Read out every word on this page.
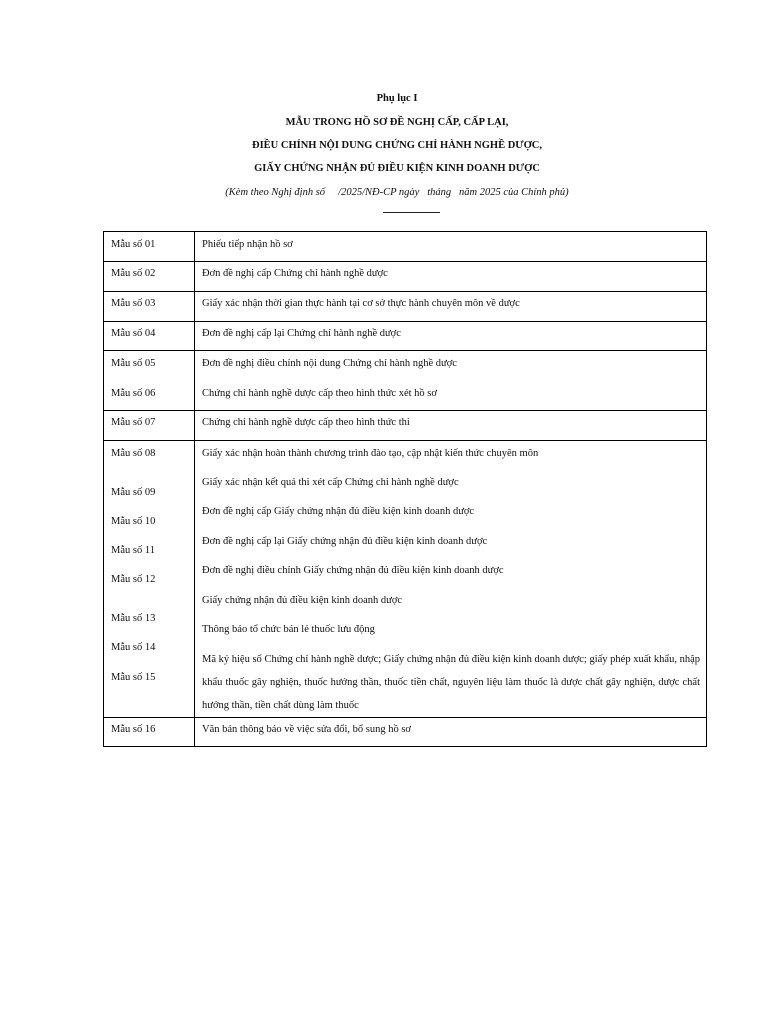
Phụ lục I
MẪU TRONG HỒ SƠ ĐỀ NGHỊ CẤP, CẤP LẠI,
ĐIỀU CHỈNH NỘI DUNG CHỨNG CHỈ HÀNH NGHỀ DƯỢC,
GIẤY CHỨNG NHẬN ĐỦ ĐIỀU KIỆN KINH DOANH DƯỢC
(Kèm theo Nghị định số     /2025/NĐ-CP ngày   tháng   năm 2025 của Chính phủ)
Mẫu số 01
Mẫu số 02
Mẫu số 03
Mẫu số 04
Mẫu số 05
Mẫu số 06
Mẫu số 07
Mẫu số 08
Mẫu số 09
Mẫu số 10
Mẫu số 11
Mẫu số 12
Mẫu số 13
Mẫu số 14
Mẫu số 15
Mẫu số 16
Phiếu tiếp nhận hồ sơ
Đơn đề nghị cấp Chứng chỉ hành nghề dược
Giấy xác nhận thời gian thực hành tại cơ sở thực hành chuyên môn về dược
Đơn đề nghị cấp lại Chứng chỉ hành nghề dược
Đơn đề nghị điều chỉnh nội dung Chứng chỉ hành nghề dược
Chứng chỉ hành nghề dược cấp theo hình thức xét hồ sơ
Chứng chỉ hành nghề dược cấp theo hình thức thi
Giấy xác nhận hoàn thành chương trình đào tạo, cập nhật kiến thức chuyên môn
Giấy xác nhận kết quả thi xét cấp Chứng chỉ hành nghề dược
Đơn đề nghị cấp Giấy chứng nhận đủ điều kiện kinh doanh dược
Đơn đề nghị cấp lại Giấy chứng nhận đủ điều kiện kinh doanh dược
Đơn đề nghị điều chỉnh Giấy chứng nhận đủ điều kiện kinh doanh dược
Giấy chứng nhận đủ điều kiện kinh doanh dược
Thông báo tổ chức bán lẻ thuốc lưu động
Mã ký hiệu số Chứng chỉ hành nghề dược; Giấy chứng nhận đủ điều kiện kinh doanh dược; giấy phép xuất khẩu, nhập khẩu thuốc gây nghiện, thuốc hướng thần, thuốc tiền chất, nguyên liệu làm thuốc là dược chất gây nghiện, dược chất hướng thần, tiền chất dùng làm thuốc
Văn bản thông báo về việc sửa đổi, bổ sung hồ sơ
